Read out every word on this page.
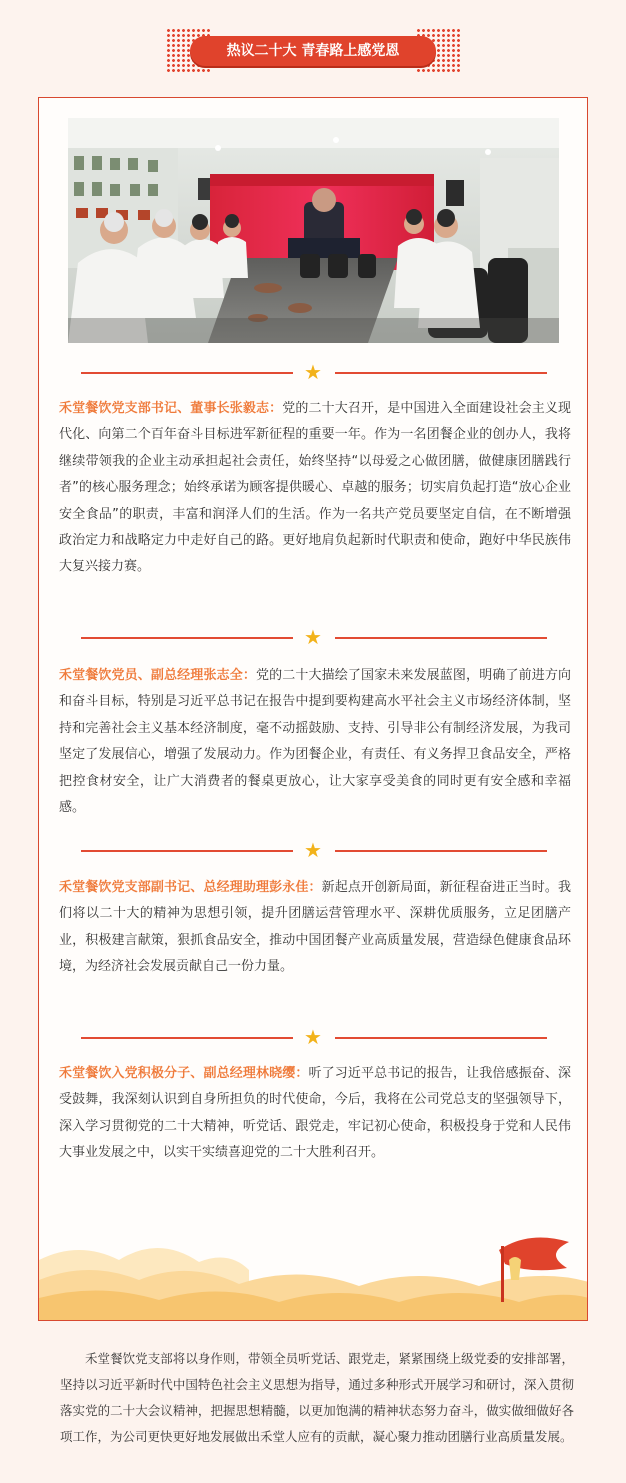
热议二十大 青春路上感党恩
★

禾堂餐饮党支部书记、董事长张毅志：党的二十大召开，是中国进入全面建设社会主义现代化、向第二个百年奋斗目标进军新征程的重要一年。作为一名团餐企业的创办人，我将继续带领我的企业主动承担起社会责任，始终坚持“以母爱之心做团膳，做健康团膳践行者”的核心服务理念；始终承诺为顾客提供暖心、卓越的服务；切实肩负起打造“放心企业 安全食品”的职责，丰富和润泽人们的生活。作为一名共产党员要坚定自信，在不断增强政治定力和战略定力中走好自己的路。更好地肩负起新时代职责和使命，跑好中华民族伟大复兴接力赛。

★

禾堂餐饮党员、副总经理张志全：党的二十大描绘了国家未来发展蓝图，明确了前进方向和奋斗目标，特别是习近平总书记在报告中提到要构建高水平社会主义市场经济体制，坚持和完善社会主义基本经济制度，毫不动摇鼓励、支持、引导非公有制经济发展，为我司坚定了发展信心，增强了发展动力。作为团餐企业，有责任、有义务捍卫食品安全，严格把控食材安全，让广大消费者的餐桌更放心，让大家享受美食的同时更有安全感和幸福感。

★

禾堂餐饮党支部副书记、总经理助理彭永佳：新起点开创新局面，新征程奋进正当时。我们将以二十大的精神为思想引领，提升团膳运营管理水平、深耕优质服务，立足团膳产业，积极建言献策，狠抓食品安全，推动中国团餐产业高质量发展，营造绿色健康食品环境，为经济社会发展贡献自己一份力量。

★

禾堂餐饮入党积极分子、副总经理林晓缨：听了习近平总书记的报告，让我倍感振奋、深受鼓舞，我深刻认识到自身所担负的时代使命，今后，我将在公司党总支的坚强领导下，深入学习贯彻党的二十大精神，听党话、跟党走，牢记初心使命，积极投身于党和人民伟大事业发展之中，以实干实绩喜迎党的二十大胜利召开。

禾堂餐饮党支部将以身作则，带领全员听党话、跟党走，紧紧围绕上级党委的安排部署，坚持以习近平新时代中国特色社会主义思想为指导，通过多种形式开展学习和研讨，深入贯彻落实党的二十大会议精神，把握思想精髓，以更加饱满的精神状态努力奋斗，做实做细做好各项工作，为公司更快更好地发展做出禾堂人应有的贡献，凝心聚力推动团膳行业高质量发展。
